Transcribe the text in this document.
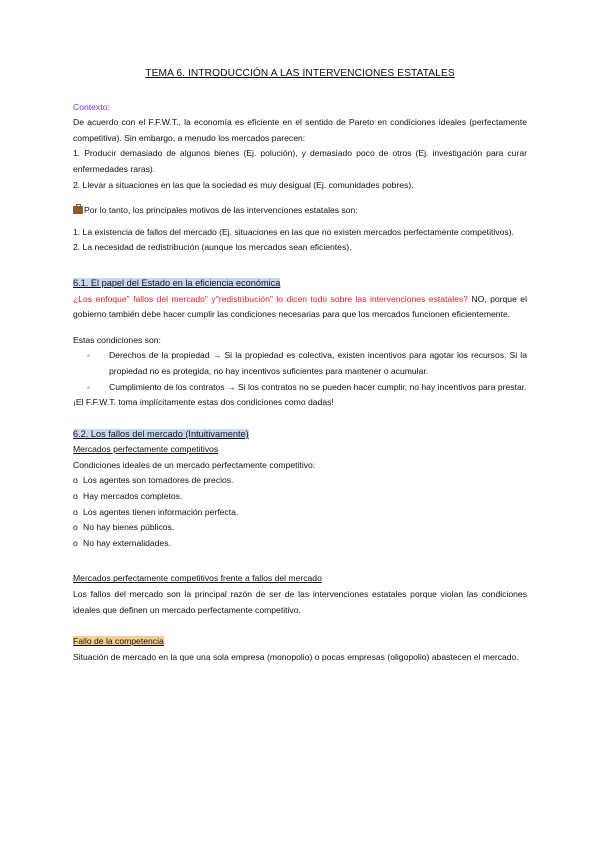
TEMA 6. INTRODUCCIÓN A LAS INTERVENCIONES ESTATALES

Contexto:

De acuerdo con el F.F.W.T., la economía es eficiente en el sentido de Pareto en condiciones ideales (perfectamente competitiva). Sin embargo, a menudo los mercados parecen:

1. Producir demasiado de algunos bienes (Ej. polución), y demasiado poco de otros (Ej. investigación para curar enfermedades raras).

2. Llevar a situaciones en las que la sociedad es muy desigual (Ej. comunidades pobres).

Por lo tanto, los principales motivos de las intervenciones estatales son:

1. La existencia de fallos del mercado (Ej. situaciones en las que no existen mercados perfectamente competitivos).

2. La necesidad de redistribución (aunque los mercados sean eficientes).

6.1. El papel del Estado en la eficiencia económica

¿Los enfoque" fallos del mercado" y"redistribución" lo dicen todo sobre las intervenciones estatales? NO, porque el gobierno también debe hacer cumplir las condiciones necesarias para que los mercados funcionen eficientemente.

Estas condiciones son:

-	Derechos de la propiedad → Si la propiedad es colectiva, existen incentivos para agotar los recursos. Si la propiedad no es protegida, no hay incentivos suficientes para mantener o acumular.
-	Cumplimiento de los contratos → Si los contratos no se pueden hacer cumplir, no hay incentivos para prestar.

¡El F.F.W.T. toma implícitamente estas dos condiciones como dadas!

6.2. Los fallos del mercado (Intuitivamente)

Mercados perfectamente competitivos

Condiciones ideales de un mercado perfectamente competitivo:

o Los agentes son tomadores de precios.
o Hay mercados completos.
o Los agentes tienen información perfecta.
o No hay bienes públicos.
o No hay externalidades.

Mercados perfectamente competitivos frente a fallos del mercado

Los fallos del mercado son la principal razón de ser de las intervenciones estatales porque violan las condiciones ideales que definen un mercado perfectamente competitivo.

Fallo de la competencia

Situación de mercado en la que una sola empresa (monopolio) o pocas empresas (oligopolio) abastecen el mercado.
